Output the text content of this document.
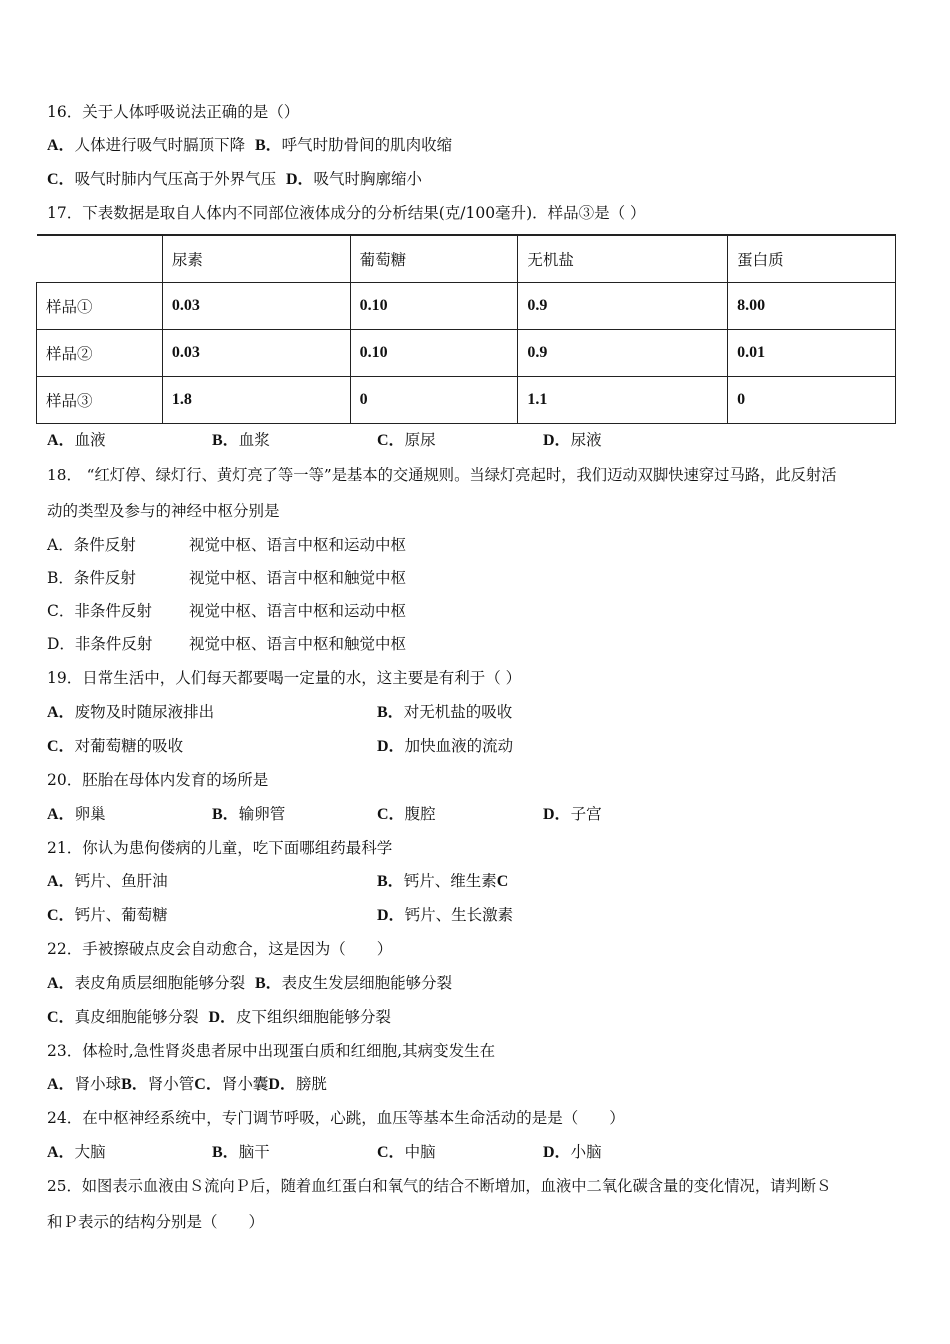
16．关于人体呼吸说法正确的是（）
A．人体进行吸气时膈顶下降 B．呼气时肋骨间的肌肉收缩
C．吸气时肺内气压高于外界气压 D．吸气时胸廓缩小
17．下表数据是取自人体内不同部位液体成分的分析结果(克/100毫升)．样品③是（ ）
	尿素	葡萄糖	无机盐	蛋白质
样品①	0.03	0.10	0.9	8.00
样品②	0.03	0.10	0.9	0.01
样品③	1.8	0	1.1	0
A．血液	B．血浆	C．原尿	D．尿液
18． “红灯停、绿灯行、黄灯亮了等一等”是基本的交通规则。当绿灯亮起时，我们迈动双脚快速穿过马路，此反射活
动的类型及参与的神经中枢分别是
A．条件反射	视觉中枢、语言中枢和运动中枢
B．条件反射	视觉中枢、语言中枢和触觉中枢
C．非条件反射 视觉中枢、语言中枢和运动中枢
D．非条件反射 视觉中枢、语言中枢和触觉中枢
19．日常生活中，人们每天都要喝一定量的水，这主要是有利于（ ）
A．废物及时随尿液排出	B．对无机盐的吸收
C．对葡萄糖的吸收	D．加快血液的流动
20．胚胎在母体内发育的场所是
A．卵巢	B．输卵管	C．腹腔	D．子宫
21．你认为患佝偻病的儿童，吃下面哪组药最科学
A．钙片、鱼肝油	B．钙片、维生素C
C．钙片、葡萄糖	D．钙片、生长激素
22．手被擦破点皮会自动愈合，这是因为（　　）
A．表皮角质层细胞能够分裂 B．表皮生发层细胞能够分裂
C．真皮细胞能够分裂 D．皮下组织细胞能够分裂
23．体检时,急性肾炎患者尿中出现蛋白质和红细胞,其病变发生在
A．肾小球B．肾小管C．肾小囊D．膀胱
24．在中枢神经系统中，专门调节呼吸，心跳，血压等基本生命活动的是是（　　）
A．大脑	B．脑干	C．中脑	D．小脑
25．如图表示血液由Ｓ流向Ｐ后，随着血红蛋白和氧气的结合不断增加，血液中二氧化碳含量的变化情况，请判断Ｓ
和Ｐ表示的结构分别是（　　）
